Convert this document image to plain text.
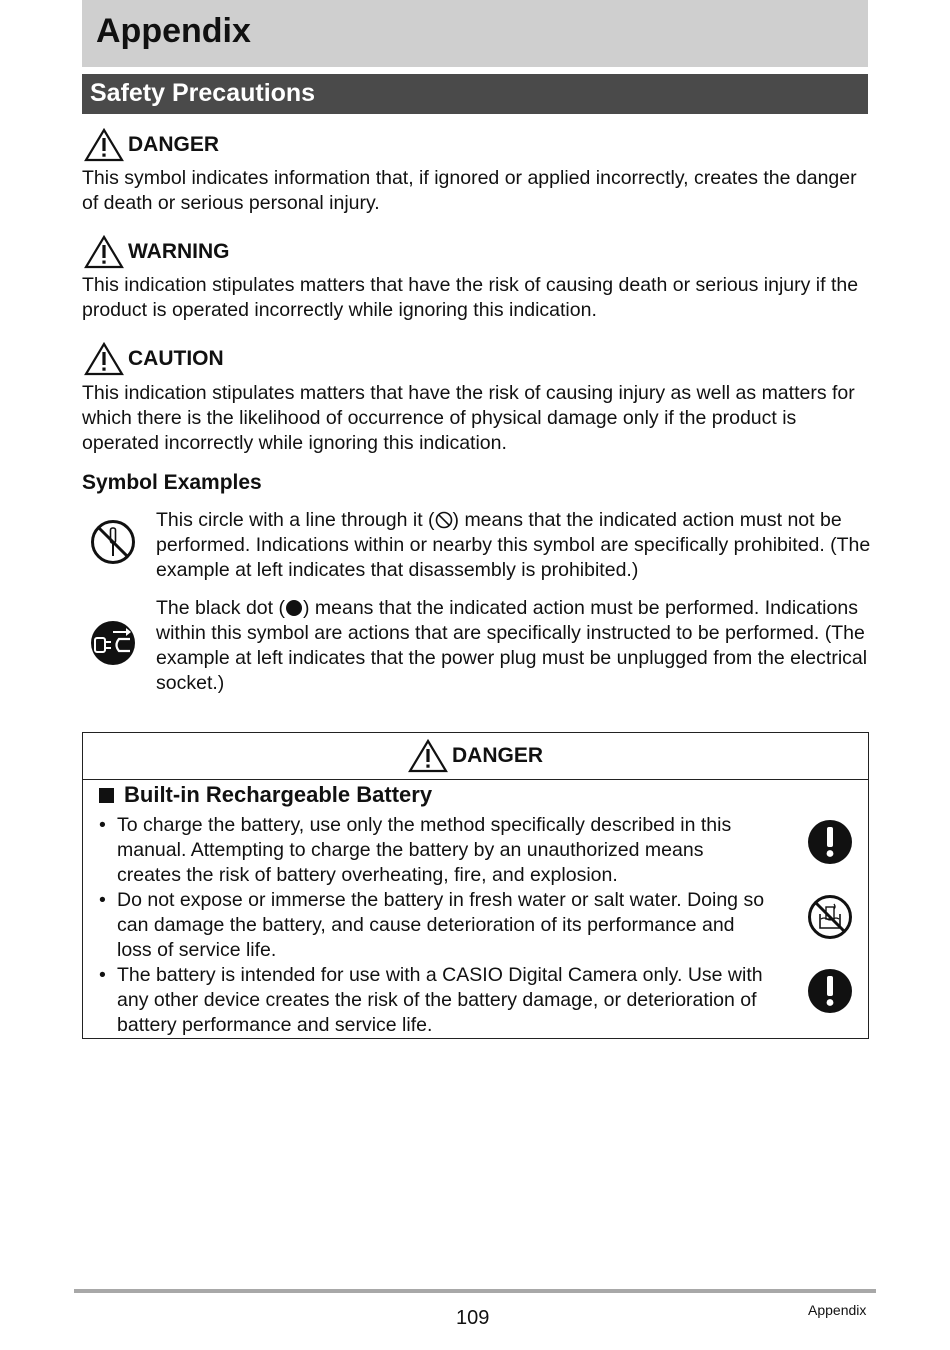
Appendix
Safety Precautions
DANGER
This symbol indicates information that, if ignored or applied incorrectly, creates the danger of death or serious personal injury.
WARNING
This indication stipulates matters that have the risk of causing death or serious injury if the product is operated incorrectly while ignoring this indication.
CAUTION
This indication stipulates matters that have the risk of causing injury as well as matters for which there is the likelihood of occurrence of physical damage only if the product is operated incorrectly while ignoring this indication.
Symbol Examples
This circle with a line through it ( ) means that the indicated action must not be performed. Indications within or nearby this symbol are specifically prohibited. (The example at left indicates that disassembly is prohibited.)
The black dot ( ) means that the indicated action must be performed. Indications within this symbol are actions that are specifically instructed to be performed. (The example at left indicates that the power plug must be unplugged from the electrical socket.)
DANGER
Built-in Rechargeable Battery
• To charge the battery, use only the method specifically described in this manual. Attempting to charge the battery by an unauthorized means creates the risk of battery overheating, fire, and explosion.
• Do not expose or immerse the battery in fresh water or salt water. Doing so can damage the battery, and cause deterioration of its performance and loss of service life.
• The battery is intended for use with a CASIO Digital Camera only. Use with any other device creates the risk of the battery damage, or deterioration of battery performance and service life.
109	Appendix
